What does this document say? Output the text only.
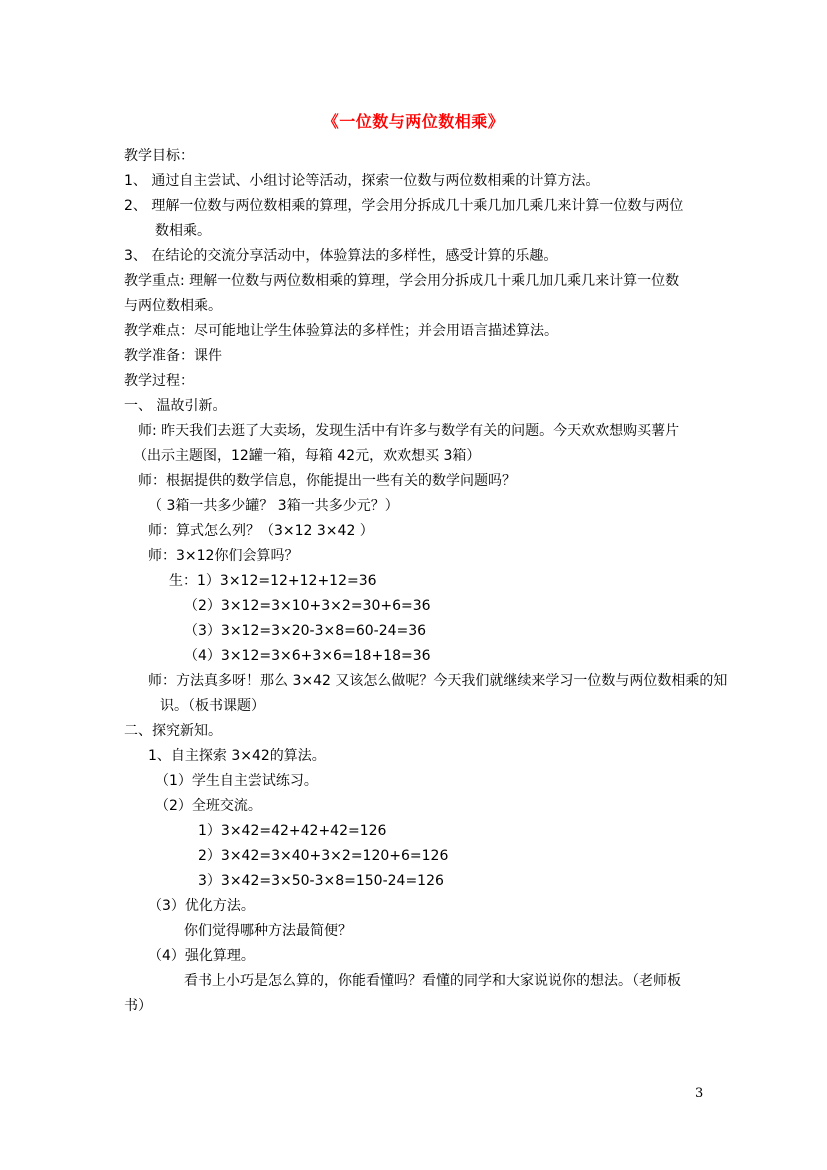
《一位数与两位数相乘》
教学目标：
1、 通过自主尝试、小组讨论等活动，探索一位数与两位数相乘的计算方法。
2、 理解一位数与两位数相乘的算理，学会用分拆成几十乘几加几乘几来计算一位数与两位
数相乘。
3、 在结论的交流分享活动中，体验算法的多样性，感受计算的乐趣。
教学重点: 理解一位数与两位数相乘的算理，学会用分拆成几十乘几加几乘几来计算一位数
与两位数相乘。
教学难点：尽可能地让学生体验算法的多样性；并会用语言描述算法。
教学准备：课件
教学过程：
一、 温故引新。
师: 昨天我们去逛了大卖场，发现生活中有许多与数学有关的问题。今天欢欢想购买薯片
（出示主题图，12罐一箱，每箱 42元，欢欢想买 3箱）
师：根据提供的数学信息，你能提出一些有关的数学问题吗？
（ 3箱一共多少罐？ 3箱一共多少元？）
师：算式怎么列？（3×12 3×42 ）
师：3×12你们会算吗？
生：1）3×12=12+12+12=36
（2）3×12=3×10+3×2=30+6=36
（3）3×12=3×20-3×8=60-24=36
（4）3×12=3×6+3×6=18+18=36
师：方法真多呀！那么 3×42 又该怎么做呢？今天我们就继续来学习一位数与两位数相乘的知
识。（板书课题）
二、探究新知。
1、自主探索 3×42的算法。
（1）学生自主尝试练习。
（2）全班交流。
1）3×42=42+42+42=126
2）3×42=3×40+3×2=120+6=126
3）3×42=3×50-3×8=150-24=126
（3）优化方法。
你们觉得哪种方法最简便？
（4）强化算理。
看书上小巧是怎么算的，你能看懂吗？看懂的同学和大家说说你的想法。（老师板
书）
3
